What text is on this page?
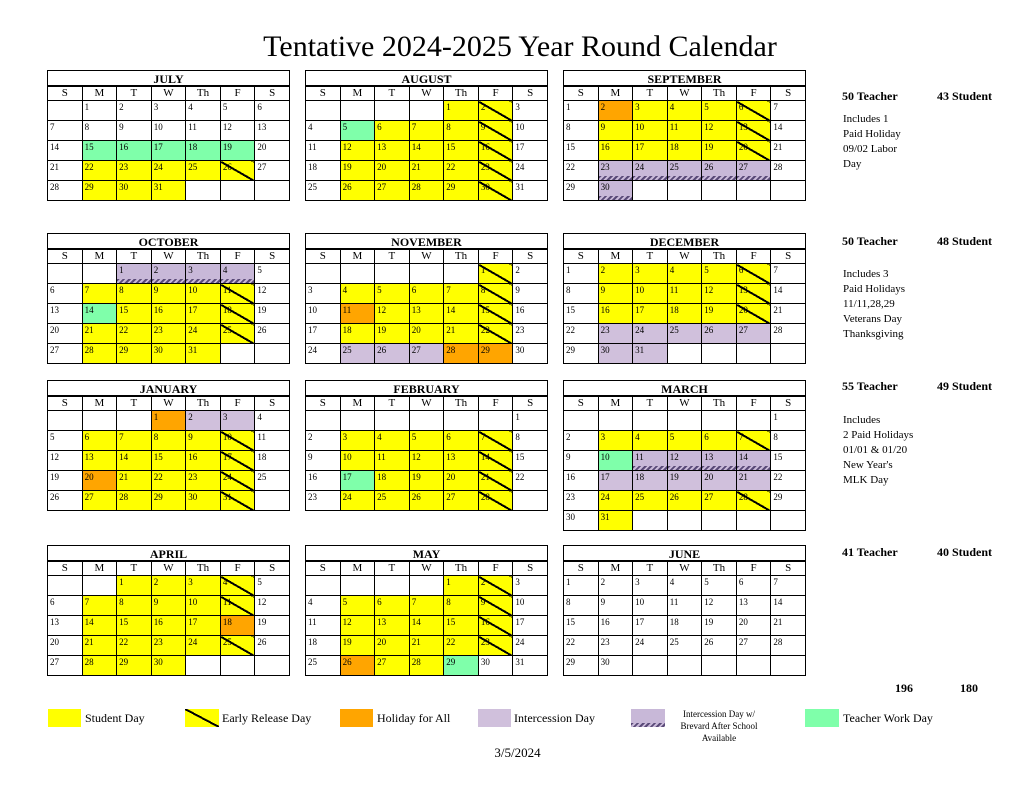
Tentative 2024-2025 Year Round Calendar
JULY
S	M	T	W	Th	F	S

	1	2	3	4	5	6

7	8	9	10	11	12	13

14	15	16	17	18	19	20

21	22	23	24	25	26	27

28	29	30	31			

AUGUST
S	M	T	W	Th	F	S

				1	2	3

4	5	6	7	8	9	10

11	12	13	14	15	16	17

18	19	20	21	22	23	24

25	26	27	28	29	30	31
SEPTEMBER
S	M	T	W	Th	F	S

1	2	3	4	5	6	7

8	9	10	11	12	13	14

15	16	17	18	19	20	21

22	23	24	25	26	27	28

29	30					

OCTOBER
S	M	T	W	Th	F	S

		1	2	3	4	5

6	7	8	9	10	11	12

13	14	15	16	17	18	19

20	21	22	23	24	25	26

27	28	29	30	31		

NOVEMBER
S	M	T	W	Th	F	S

					1	2

3	4	5	6	7	8	9

10	11	12	13	14	15	16

17	18	19	20	21	22	23

24	25	26	27	28	29	30
DECEMBER
S	M	T	W	Th	F	S

1	2	3	4	5	6	7

8	9	10	11	12	13	14

15	16	17	18	19	20	21

22	23	24	25	26	27	28

29	30	31				

JANUARY
S	M	T	W	Th	F	S

			1	2	3	4

5	6	7	8	9	10	11

12	13	14	15	16	17	18

19	20	21	22	23	24	25

26	27	28	29	30	31	

FEBRUARY
S	M	T	W	Th	F	S

						1

2	3	4	5	6	7	8

9	10	11	12	13	14	15

16	17	18	19	20	21	22

23	24	25	26	27	28	

MARCH
S	M	T	W	Th	F	S

						1

2	3	4	5	6	7	8

9	10	11	12	13	14	15

16	17	18	19	20	21	22

23	24	25	26	27	28	29

30	31					

APRIL
S	M	T	W	Th	F	S

		1	2	3	4	5

6	7	8	9	10	11	12

13	14	15	16	17	18	19

20	21	22	23	24	25	26

27	28	29	30			

MAY
S	M	T	W	Th	F	S

				1	2	3

4	5	6	7	8	9	10

11	12	13	14	15	16	17

18	19	20	21	22	23	24

25	26	27	28	29	30	31
JUNE
S	M	T	W	Th	F	S

1	2	3	4	5	6	7

8	9	10	11	12	13	14

15	16	17	18	19	20	21

22	23	24	25	26	27	28

29	30					

50 Teacher	43 Student
Includes 1
Paid Holiday
09/02 Labor
Day
50 Teacher	48 Student
Includes 3
Paid Holidays
11/11,28,29
Veterans Day
Thanksgiving
55 Teacher	49 Student
Includes
2 Paid Holidays
01/01 & 01/20
New Year's
MLK Day
41 Teacher	40 Student
196	180
Student Day	Early Release Day	Holiday for All	Intercession Day	Intercession Day w/
Brevard After School
Available
Teacher Work Day
3/5/2024
